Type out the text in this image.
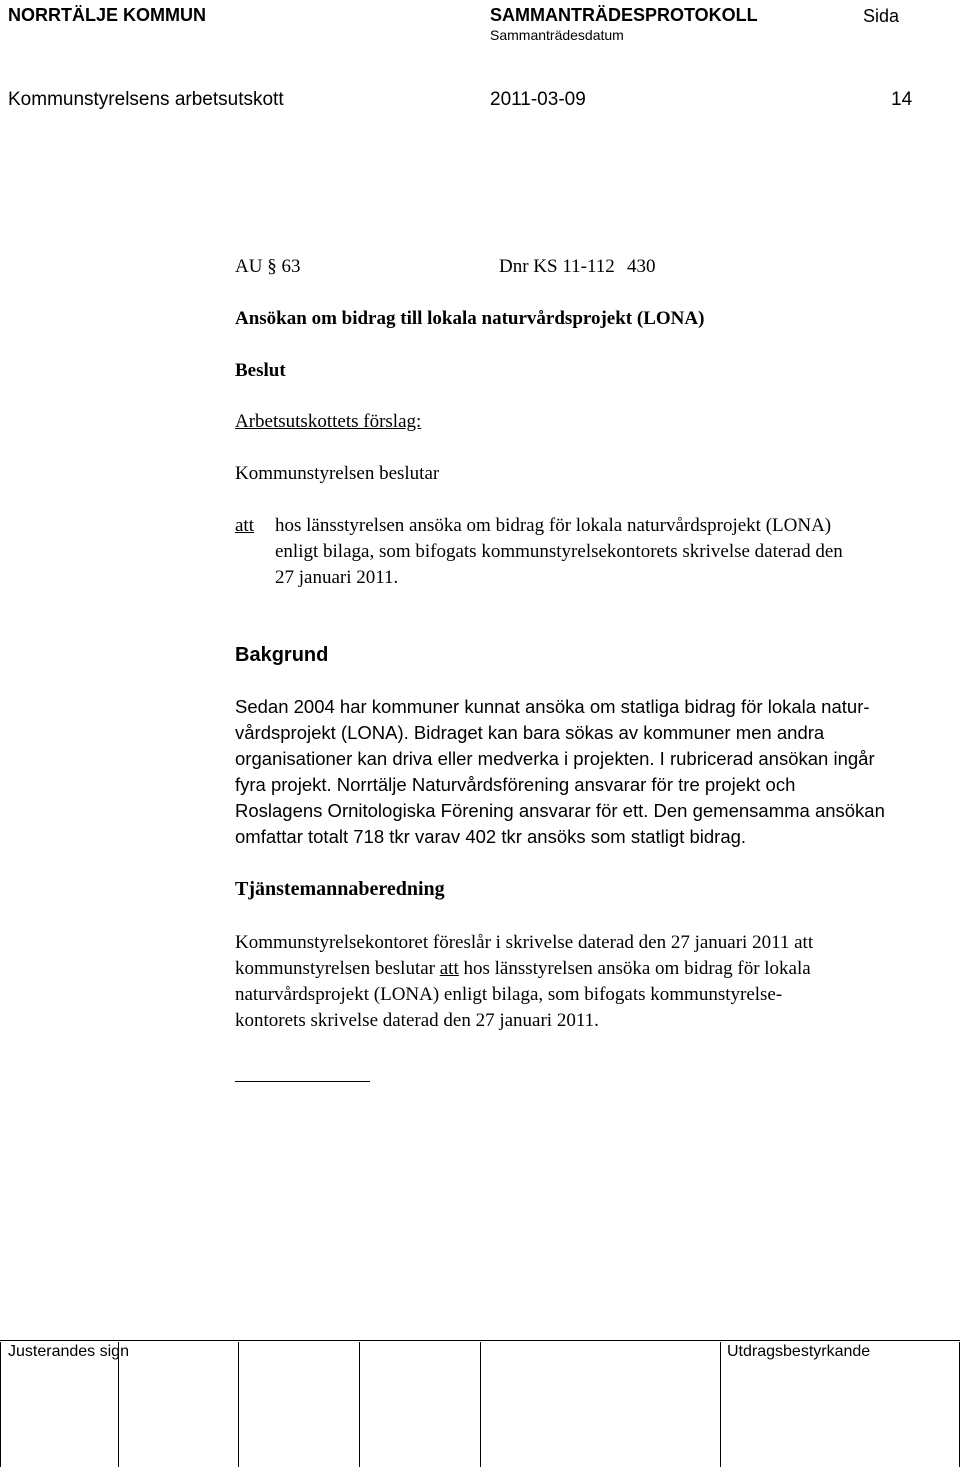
NORRTÄLJE KOMMUN	SAMMANTRÄDESPROTOKOLL	Sida
Sammanträdesdatum
Kommunstyrelsens arbetsutskott	2011-03-09	14
AU § 63	Dnr KS 11-112 430
Ansökan om bidrag till lokala naturvårdsprojekt (LONA)
Beslut
Arbetsutskottets förslag:
Kommunstyrelsen beslutar
att hos länsstyrelsen ansöka om bidrag för lokala naturvårdsprojekt (LONA)
enligt bilaga, som bifogats kommunstyrelsekontorets skrivelse daterad den
27 januari 2011.
Bakgrund
Sedan 2004 har kommuner kunnat ansöka om statliga bidrag för lokala natur-
vårdsprojekt (LONA). Bidraget kan bara sökas av kommuner men andra
organisationer kan driva eller medverka i projekten. I rubricerad ansökan ingår
fyra projekt. Norrtälje Naturvårdsförening ansvarar för tre projekt och
Roslagens Ornitologiska Förening ansvarar för ett. Den gemensamma ansökan
omfattar totalt 718 tkr varav 402 tkr ansöks som statligt bidrag.
Tjänstemannaberedning
Kommunstyrelsekontoret föreslår i skrivelse daterad den 27 januari 2011 att
kommunstyrelsen beslutar att hos länsstyrelsen ansöka om bidrag för lokala
naturvårdsprojekt (LONA) enligt bilaga, som bifogats kommunstyrelse-
kontorets skrivelse daterad den 27 januari 2011.
Justerandes sign	Utdragsbestyrkande
